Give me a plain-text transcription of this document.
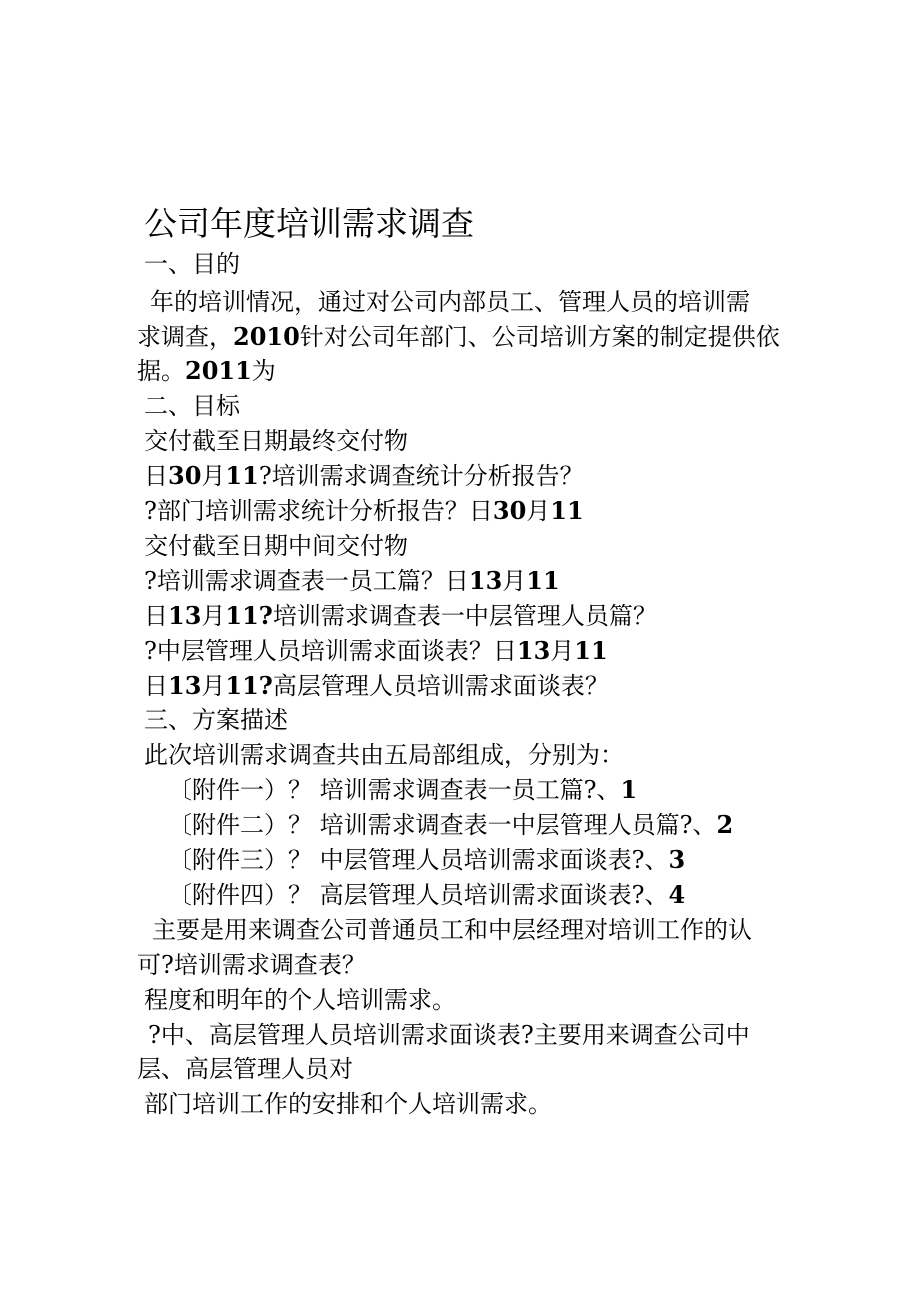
公司年度培训需求调查
一、目的
年的培训情况，通过对公司内部员工、管理人员的培训需
求调查，2010针对公司年部门、公司培训方案的制定提供依
据。2011为
二、目标
交付截至日期最终交付物
日30月11?培训需求调查统计分析报告？
?部门培训需求统计分析报告？日30月11
交付截至日期中间交付物
?培训需求调查表一员工篇？日13月11
日13月11?培训需求调查表一中层管理人员篇？
?中层管理人员培训需求面谈表？日13月11
日13月11?高层管理人员培训需求面谈表？
三、方案描述
此次培训需求调查共由五局部组成，分别为：
〔附件一）？ 培训需求调查表一员工篇?、1
〔附件二）？ 培训需求调查表一中层管理人员篇?、2
〔附件三）？ 中层管理人员培训需求面谈表?、3
〔附件四）？ 高层管理人员培训需求面谈表?、4
主要是用来调查公司普通员工和中层经理对培训工作的认
可?培训需求调查表？
程度和明年的个人培训需求。
?中、高层管理人员培训需求面谈表?主要用来调查公司中
层、高层管理人员对
部门培训工作的安排和个人培训需求。
